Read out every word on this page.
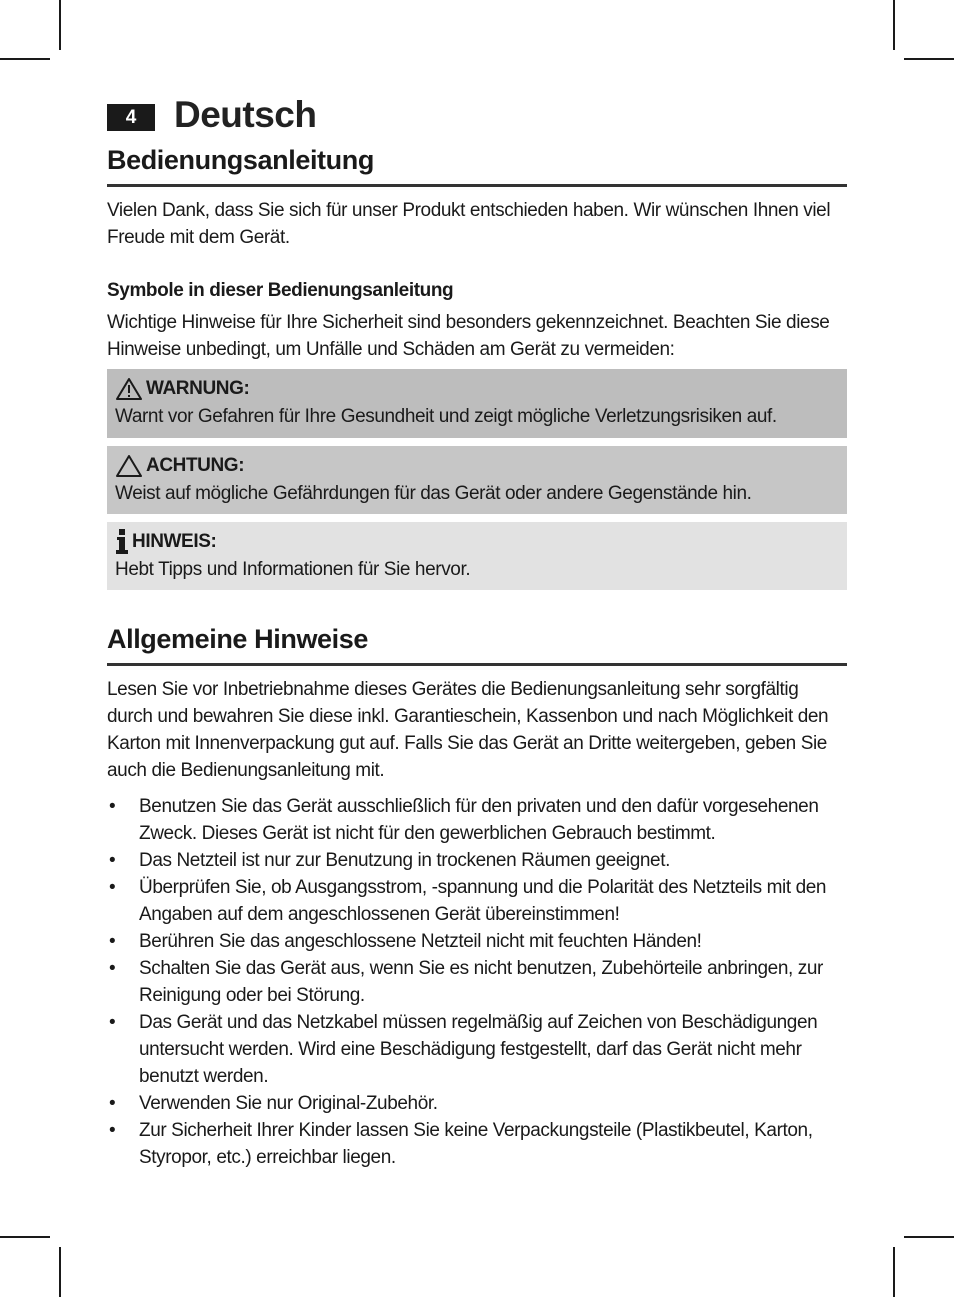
4	Deutsch
Bedienungsanleitung

Vielen Dank, dass Sie sich für unser Produkt entschieden haben. Wir wünschen Ihnen viel Freude mit dem Gerät.

Symbole in dieser Bedienungsanleitung

Wichtige Hinweise für Ihre Sicherheit sind besonders gekennzeichnet. Beachten Sie diese Hinweise unbedingt, um Unfälle und Schäden am Gerät zu vermeiden:

WARNUNG:
Warnt vor Gefahren für Ihre Gesundheit und zeigt mögliche Verletzungsrisiken auf.
ACHTUNG:
Weist auf mögliche Gefährdungen für das Gerät oder andere Gegenstände hin.
HINWEIS:
Hebt Tipps und Informationen für Sie hervor.
Allgemeine Hinweise

Lesen Sie vor Inbetriebnahme dieses Gerätes die Bedienungsanleitung sehr sorgfältig durch und bewahren Sie diese inkl. Garantieschein, Kassenbon und nach Möglichkeit den Karton mit Innenverpackung gut auf. Falls Sie das Gerät an Dritte weitergeben, geben Sie auch die Bedienungsanleitung mit.

• Benutzen Sie das Gerät ausschließlich für den privaten und den dafür vorgesehenen Zweck. Dieses Gerät ist nicht für den gewerblichen Gebrauch bestimmt.
• Das Netzteil ist nur zur Benutzung in trockenen Räumen geeignet.
• Überprüfen Sie, ob Ausgangsstrom, -spannung und die Polarität des Netzteils mit den Angaben auf dem angeschlossenen Gerät übereinstimmen!
• Berühren Sie das angeschlossene Netzteil nicht mit feuchten Händen!
• Schalten Sie das Gerät aus, wenn Sie es nicht benutzen, Zubehörteile anbringen, zur Reinigung oder bei Störung.
• Das Gerät und das Netzkabel müssen regelmäßig auf Zeichen von Beschädigungen untersucht werden. Wird eine Beschädigung festgestellt, darf das Gerät nicht mehr benutzt werden.
• Verwenden Sie nur Original-Zubehör.
• Zur Sicherheit Ihrer Kinder lassen Sie keine Verpackungsteile (Plastikbeutel, Karton, Styropor, etc.) erreichbar liegen.
